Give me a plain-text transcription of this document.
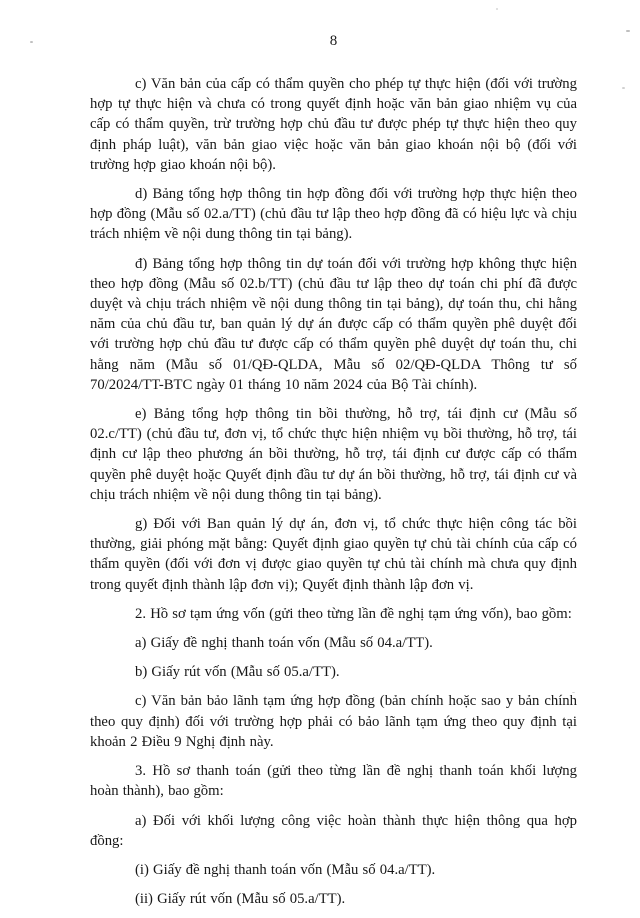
8

c) Văn bản của cấp có thẩm quyền cho phép tự thực hiện (đối với trường hợp tự thực hiện và chưa có trong quyết định hoặc văn bản giao nhiệm vụ của cấp có thẩm quyền, trừ trường hợp chủ đầu tư được phép tự thực hiện theo quy định pháp luật), văn bản giao việc hoặc văn bản giao khoán nội bộ (đối với trường hợp giao khoán nội bộ).

d) Bảng tổng hợp thông tin hợp đồng đối với trường hợp thực hiện theo hợp đồng (Mẫu số 02.a/TT) (chủ đầu tư lập theo hợp đồng đã có hiệu lực và chịu trách nhiệm về nội dung thông tin tại bảng).

đ) Bảng tổng hợp thông tin dự toán đối với trường hợp không thực hiện theo hợp đồng (Mẫu số 02.b/TT) (chủ đầu tư lập theo dự toán chi phí đã được duyệt và chịu trách nhiệm về nội dung thông tin tại bảng), dự toán thu, chi hằng năm của chủ đầu tư, ban quản lý dự án được cấp có thẩm quyền phê duyệt đối với trường hợp chủ đầu tư được cấp có thẩm quyền phê duyệt dự toán thu, chi hằng năm (Mẫu số 01/QĐ-QLDA, Mẫu số 02/QĐ-QLDA Thông tư số 70/2024/TT-BTC ngày 01 tháng 10 năm 2024 của Bộ Tài chính).

e) Bảng tổng hợp thông tin bồi thường, hỗ trợ, tái định cư (Mẫu số 02.c/TT) (chủ đầu tư, đơn vị, tổ chức thực hiện nhiệm vụ bồi thường, hỗ trợ, tái định cư lập theo phương án bồi thường, hỗ trợ, tái định cư được cấp có thẩm quyền phê duyệt hoặc Quyết định đầu tư dự án bồi thường, hỗ trợ, tái định cư và chịu trách nhiệm về nội dung thông tin tại bảng).

g) Đối với Ban quản lý dự án, đơn vị, tổ chức thực hiện công tác bồi thường, giải phóng mặt bằng: Quyết định giao quyền tự chủ tài chính của cấp có thẩm quyền (đối với đơn vị được giao quyền tự chủ tài chính mà chưa quy định trong quyết định thành lập đơn vị); Quyết định thành lập đơn vị.

2. Hồ sơ tạm ứng vốn (gửi theo từng lần đề nghị tạm ứng vốn), bao gồm:

a) Giấy đề nghị thanh toán vốn (Mẫu số 04.a/TT).

b) Giấy rút vốn (Mẫu số 05.a/TT).

c) Văn bản bảo lãnh tạm ứng hợp đồng (bản chính hoặc sao y bản chính theo quy định) đối với trường hợp phải có bảo lãnh tạm ứng theo quy định tại khoản 2 Điều 9 Nghị định này.

3. Hồ sơ thanh toán (gửi theo từng lần đề nghị thanh toán khối lượng hoàn thành), bao gồm:

a) Đối với khối lượng công việc hoàn thành thực hiện thông qua hợp đồng:

(i) Giấy đề nghị thanh toán vốn (Mẫu số 04.a/TT).

(ii) Giấy rút vốn (Mẫu số 05.a/TT).
